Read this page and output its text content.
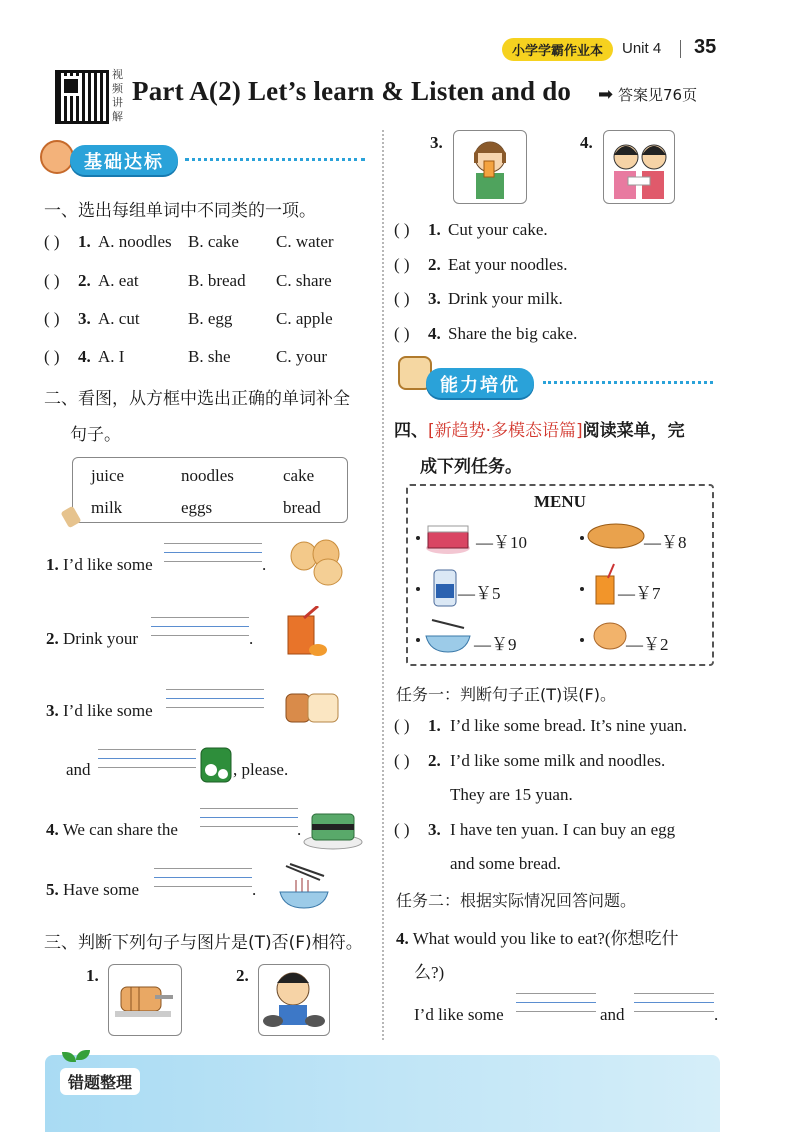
小学学霸作业本	Unit 4 35
视频讲解
Part A(2) Let’s learn & Listen and do ➡ 答案见76页
基础达标
一、选出每组单词中不同类的一项。
二、看图，从方框中选出正确的单词补全
句子。
juice	noodles	cake
milk	eggs	bread
1. I’d like some	.
2. Drink your	.
3. I’d like some
and	, please.
4. We can share the	.
5. Have some	.
三、判断下列句子与图片是(T)否(F)相符。
1.	2.
3.	4.
能力培优
四、[新趋势·多模态语篇]阅读菜单，完
成下列任务。
MENU
—￥10	—￥8
—￥5	—￥7
—￥9	—￥2
任务一：判断句子正(T)误(F)。
任务二：根据实际情况回答问题。
4. What would you like to eat?(你想吃什
么?)
I’d like some	and	.
错题整理
( ) 1. A. noodles B. cake C. water
( ) 2. A. eat	B. bread C. share
( ) 3. A. cut	B. egg	C. apple
( ) 4. A. I	B. she	C. your
( ) 1. Cut your cake.
( ) 2. Eat your noodles.
( ) 3. Drink your milk.
( ) 4. Share the big cake.
( ) 1. I’d like some bread. It’s nine yuan.
( ) 2. I’d like some milk and noodles.
They are 15 yuan.
( ) 3. I have ten yuan. I can buy an egg
and some bread.
